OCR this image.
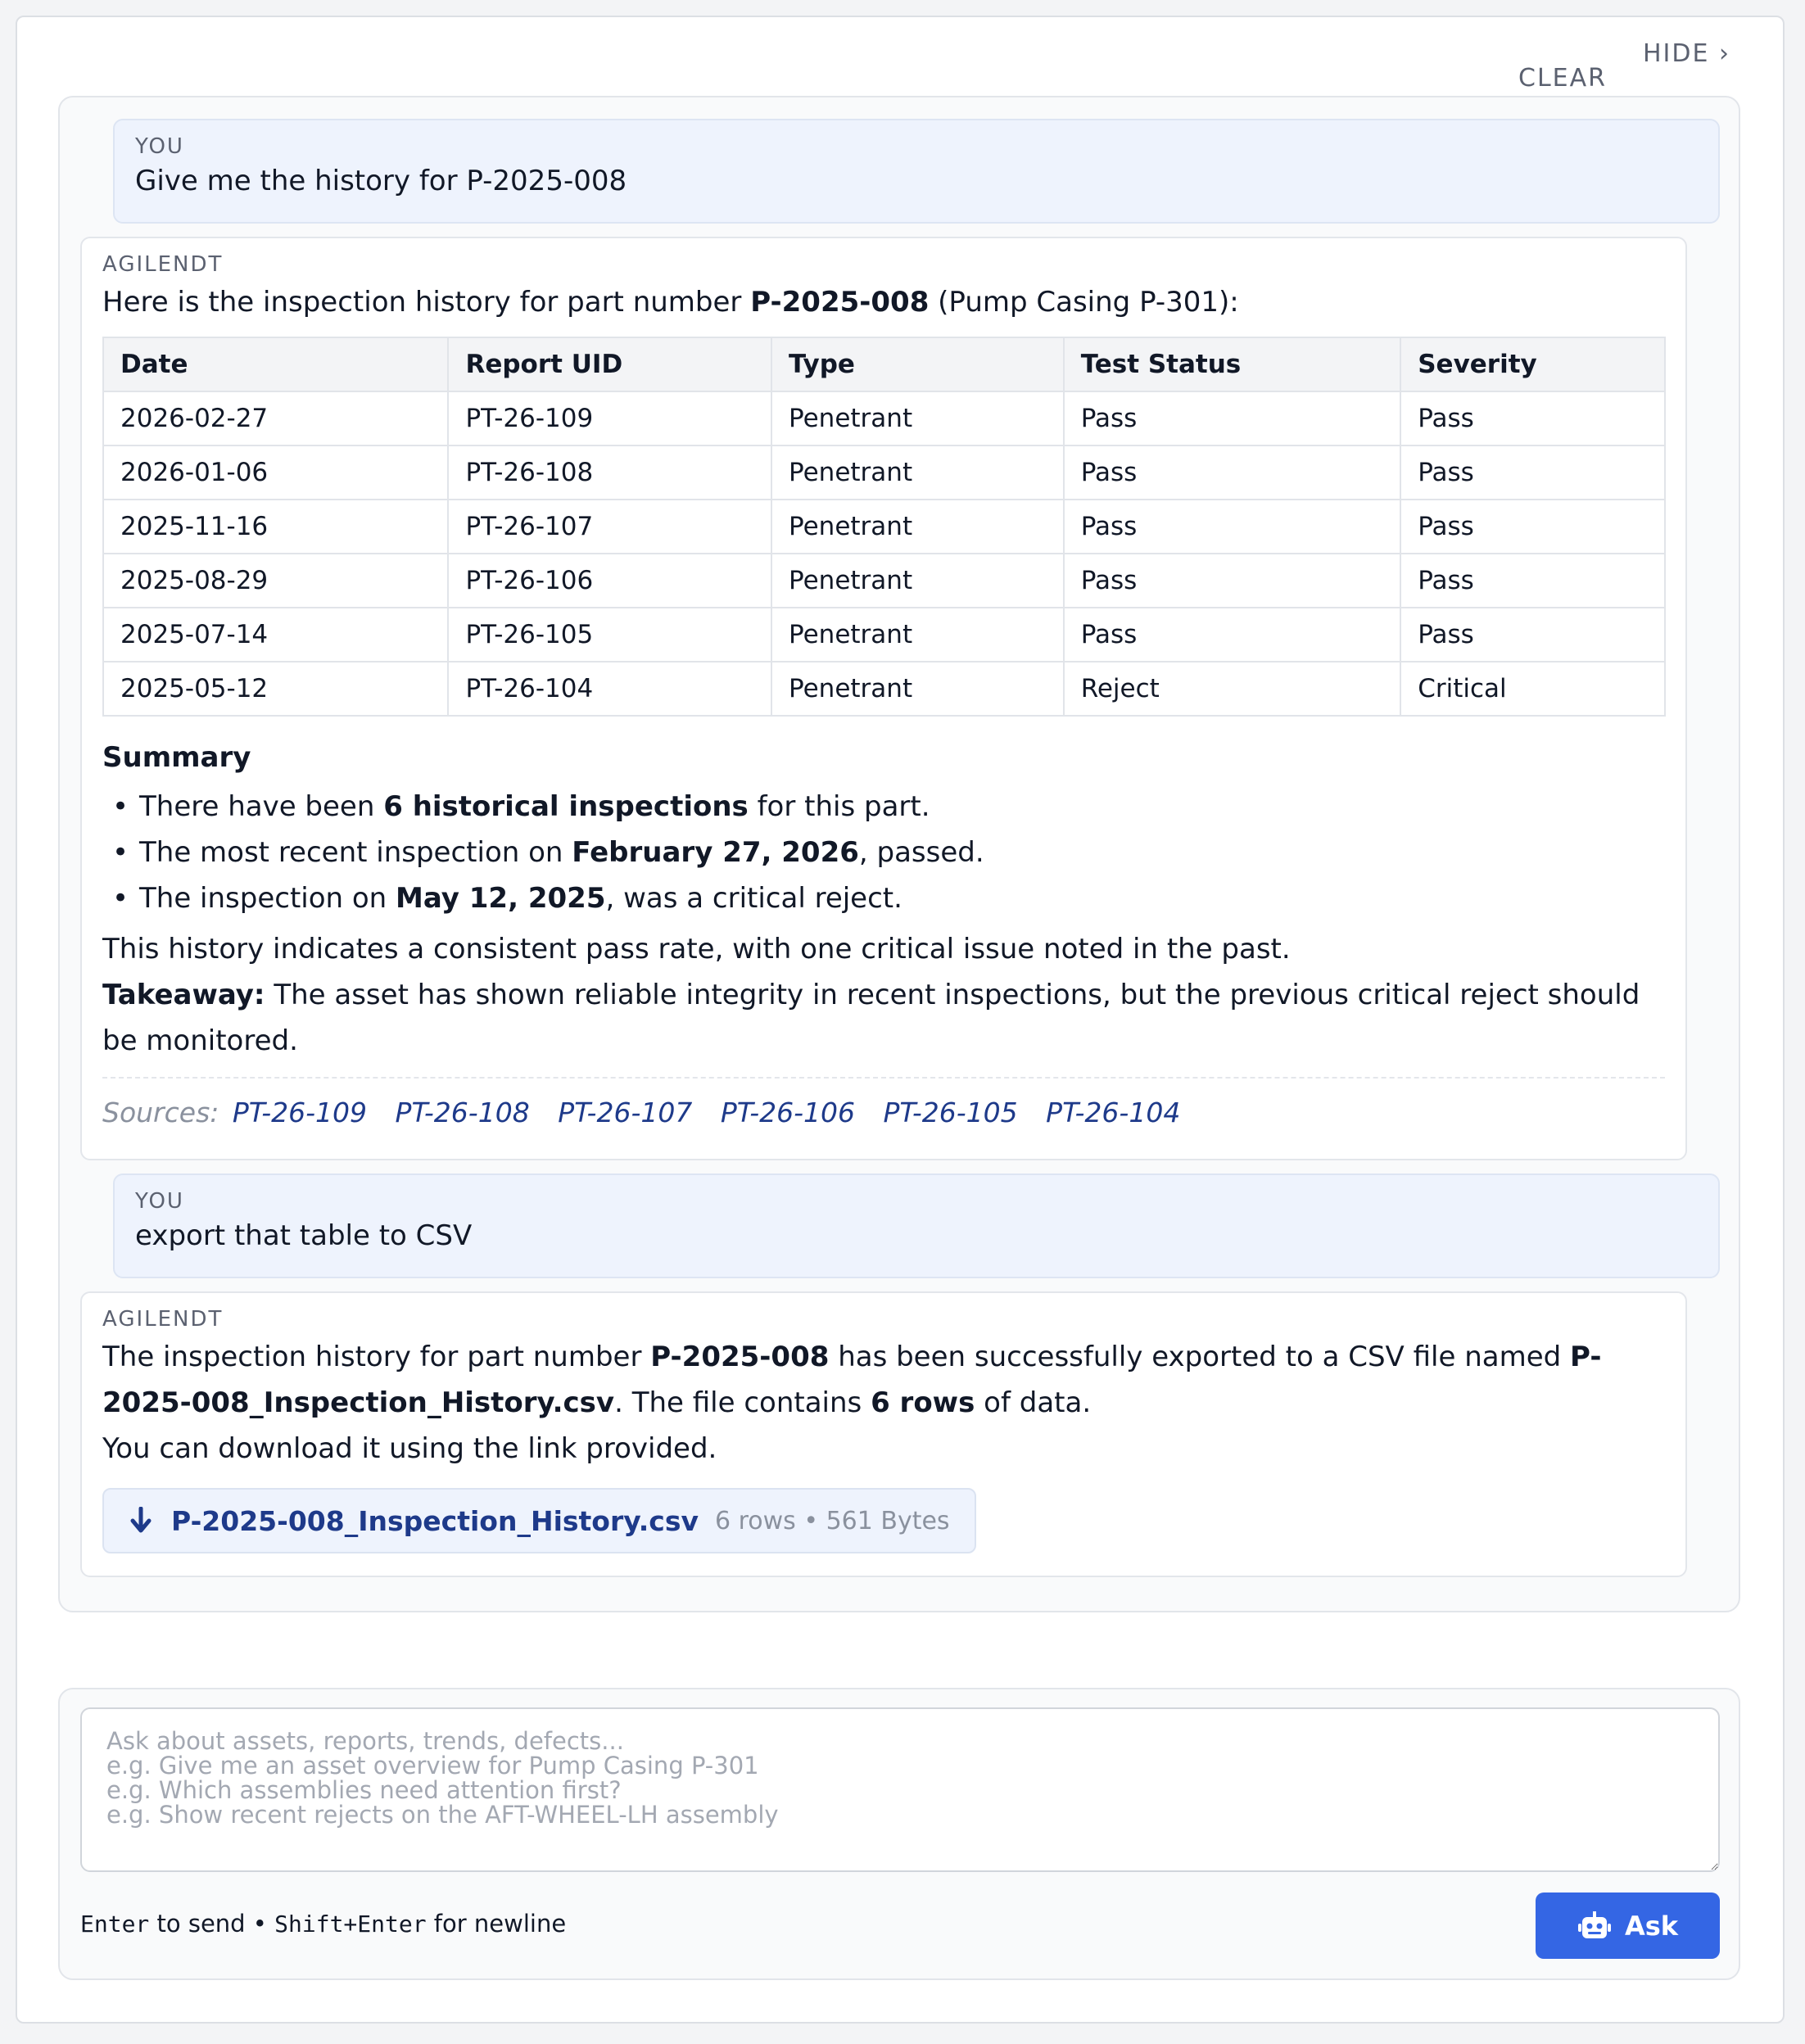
HIDE ›
CLEAR
YOU
Give me the history for P-2025-008
AGILENDT
Here is the inspection history for part number P-2025-008 (Pump Casing P-301):
Date	Report UID	Type	Test Status	Severity
2026-02-27	PT-26-109	Penetrant	Pass	Pass
2026-01-06	PT-26-108	Penetrant	Pass	Pass
2025-11-16	PT-26-107	Penetrant	Pass	Pass
2025-08-29	PT-26-106	Penetrant	Pass	Pass
2025-07-14	PT-26-105	Penetrant	Pass	Pass
2025-05-12	PT-26-104	Penetrant	Reject	Critical
Summary
• There have been 6 historical inspections for this part.
• The most recent inspection on February 27, 2026, passed.
• The inspection on May 12, 2025, was a critical reject.
This history indicates a consistent pass rate, with one critical issue noted in the past.
Takeaway: The asset has shown reliable integrity in recent inspections, but the previous critical reject should be monitored.
Sources: PT-26-109 PT-26-108 PT-26-107 PT-26-106 PT-26-105 PT-26-104
YOU
export that table to CSV
AGILENDT
The inspection history for part number P-2025-008 has been successfully exported to a CSV file named P-2025-008_Inspection_History.csv. The file contains 6 rows of data.
You can download it using the link provided.
P-2025-008_Inspection_History.csv 6 rows • 561 Bytes
Ask about assets, reports, trends, defects... e.g. Give me an asset overview for Pump Casing P-301 e.g. Which assemblies need attention first? e.g. Show recent rejects on the AFT-WHEEL-LH assembly
Enter to send • Shift+Enter for newline	Ask
